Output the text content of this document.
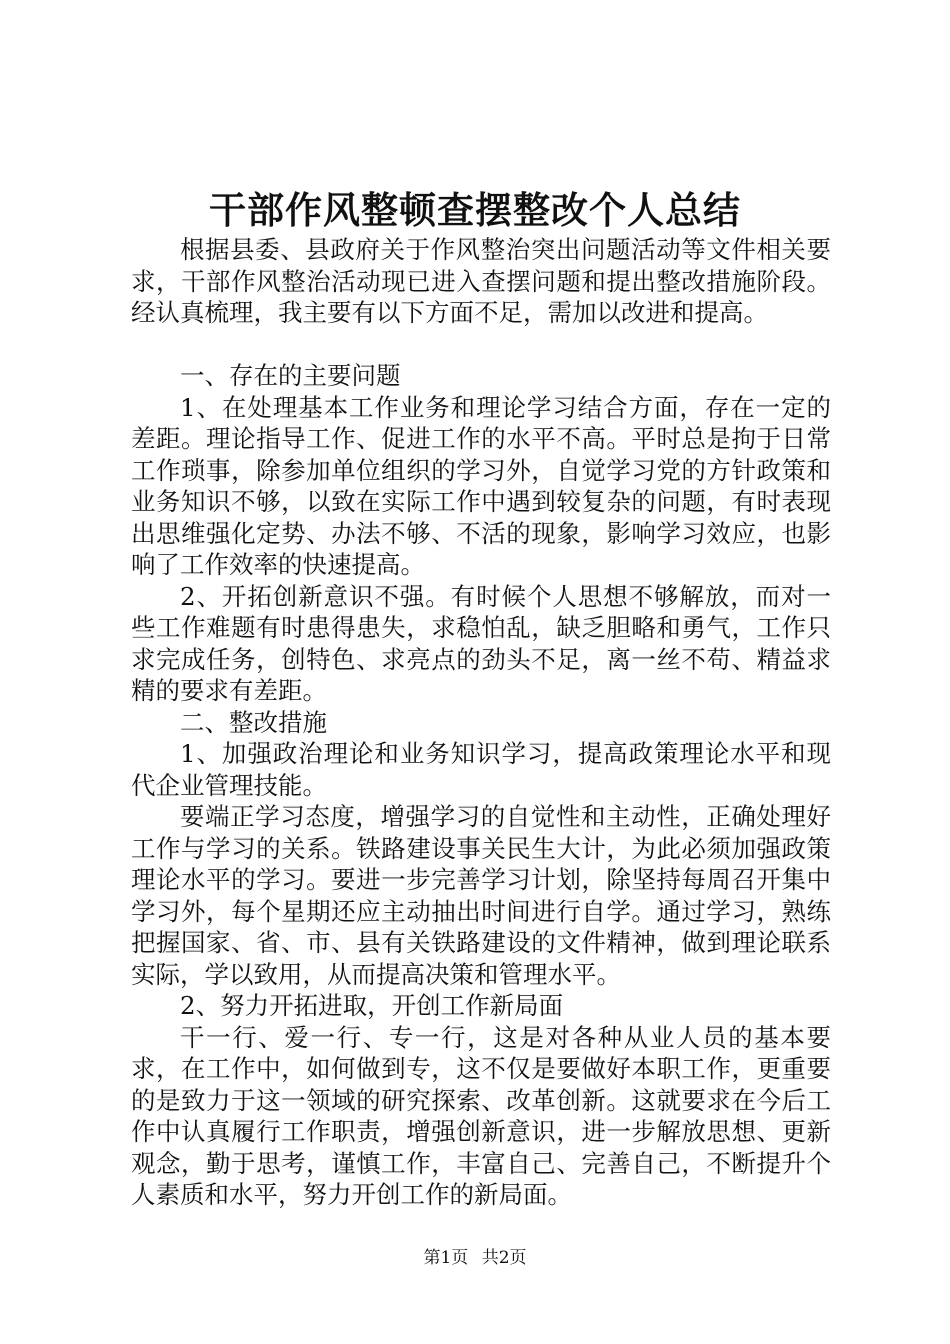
干部作风整顿查摆整改个人总结

根据县委、县政府关于作风整治突出问题活动等文件相关要求，干部作风整治活动现已进入查摆问题和提出整改措施阶段。经认真梳理，我主要有以下方面不足，需加以改进和提高。

一、存在的主要问题

1、在处理基本工作业务和理论学习结合方面，存在一定的差距。理论指导工作、促进工作的水平不高。平时总是拘于日常工作琐事，除参加单位组织的学习外，自觉学习党的方针政策和业务知识不够，以致在实际工作中遇到较复杂的问题，有时表现出思维强化定势、办法不够、不活的现象，影响学习效应，也影响了工作效率的快速提高。

2、开拓创新意识不强。有时候个人思想不够解放，而对一些工作难题有时患得患失，求稳怕乱，缺乏胆略和勇气，工作只求完成任务，创特色、求亮点的劲头不足，离一丝不苟、精益求精的要求有差距。

二、整改措施

1、加强政治理论和业务知识学习，提高政策理论水平和现代企业管理技能。

要端正学习态度，增强学习的自觉性和主动性，正确处理好工作与学习的关系。铁路建设事关民生大计，为此必须加强政策理论水平的学习。要进一步完善学习计划，除坚持每周召开集中学习外，每个星期还应主动抽出时间进行自学。通过学习，熟练把握国家、省、市、县有关铁路建设的文件精神，做到理论联系实际，学以致用，从而提高决策和管理水平。

2、努力开拓进取，开创工作新局面

干一行、爱一行、专一行，这是对各种从业人员的基本要求，在工作中，如何做到专，这不仅是要做好本职工作，更重要的是致力于这一领域的研究探索、改革创新。这就要求在今后工作中认真履行工作职责，增强创新意识，进一步解放思想、更新观念，勤于思考，谨慎工作，丰富自己、完善自己，不断提升个人素质和水平，努力开创工作的新局面。

第1页 共2页
